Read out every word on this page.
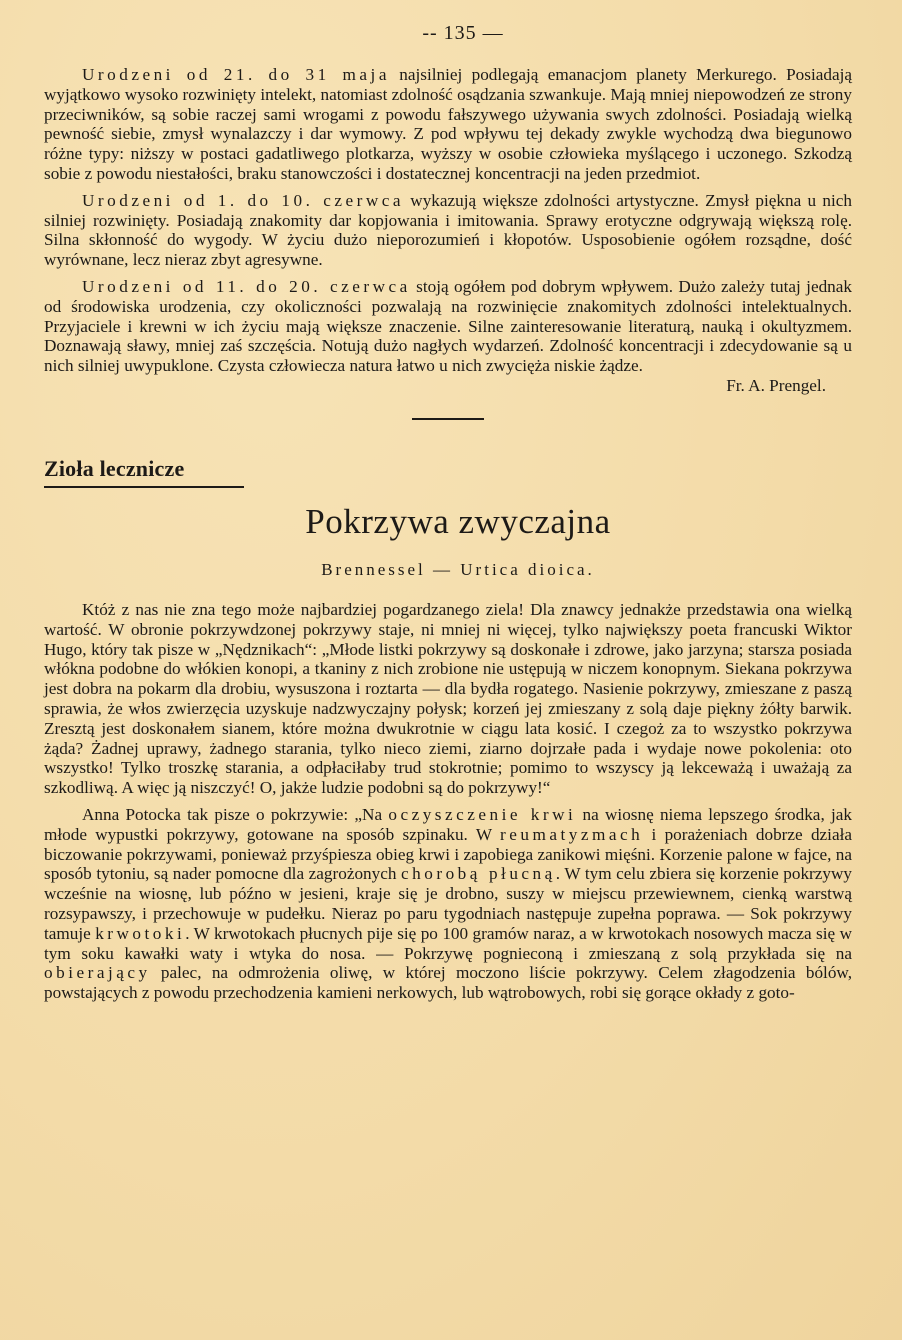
-- 135 —

Urodzeni od 21. do 31 maja najsilniej podlegają emanacjom planety Merkurego. Posiadają wyjątkowo wysoko rozwinięty intelekt, natomiast zdolność osądzania szwankuje. Mają mniej niepowodzeń ze strony przeciwników, są sobie raczej sami wrogami z powodu fałszywego używania swych zdolności. Posiadają wielką pewność siebie, zmysł wynalazczy i dar wymowy. Z pod wpływu tej dekady zwykle wychodzą dwa biegunowo różne typy: niższy w postaci gadatliwego plotkarza, wyższy w osobie człowieka myślącego i uczonego. Szkodzą sobie z powodu niestałości, braku stanowczości i dostatecznej koncentracji na jeden przedmiot.

Urodzeni od 1. do 10. czerwca wykazują większe zdolności artystyczne. Zmysł piękna u nich silniej rozwinięty. Posiadają znakomity dar kopjowania i imitowania. Sprawy erotyczne odgrywają większą rolę. Silna skłonność do wygody. W życiu dużo nieporozumień i kłopotów. Usposobienie ogółem rozsądne, dość wyrównane, lecz nieraz zbyt agresywne.

Urodzeni od 11. do 20. czerwca stoją ogółem pod dobrym wpływem. Dużo zależy tutaj jednak od środowiska urodzenia, czy okoliczności pozwalają na rozwinięcie znakomitych zdolności intelektualnych. Przyjaciele i krewni w ich życiu mają większe znaczenie. Silne zainteresowanie literaturą, nauką i okultyzmem. Doznawają sławy, mniej zaś szczęścia. Notują dużo nagłych wydarzeń. Zdolność koncentracji i zdecydowanie są u nich silniej uwypuklone. Czysta człowiecza natura łatwo u nich zwycięża niskie żądze.

Fr. A. Prengel.
Zioła lecznicze
Pokrzywa zwyczajna
Brennessel — Urtica dioica.

Któż z nas nie zna tego może najbardziej pogardzanego ziela! Dla znawcy jednakże przedstawia ona wielką wartość. W obronie pokrzywdzonej pokrzywy staje, ni mniej ni więcej, tylko największy poeta francuski Wiktor Hugo, który tak pisze w „Nędznikach“: „Młode listki pokrzywy są doskonałe i zdrowe, jako jarzyna; starsza posiada włókna podobne do włókien konopi, a tkaniny z nich zrobione nie ustępują w niczem konopnym. Siekana pokrzywa jest dobra na pokarm dla drobiu, wysuszona i roztarta — dla bydła rogatego. Nasienie pokrzywy, zmieszane z paszą sprawia, że włos zwierzęcia uzyskuje nadzwyczajny połysk; korzeń jej zmieszany z solą daje piękny żółty barwik. Zresztą jest doskonałem sianem, które można dwukrotnie w ciągu lata kosić. I czegoż za to wszystko pokrzywa żąda? Żadnej uprawy, żadnego starania, tylko nieco ziemi, ziarno dojrzałe pada i wydaje nowe pokolenia: oto wszystko! Tylko troszkę starania, a odpłaciłaby trud stokrotnie; pomimo to wszyscy ją lekceważą i uważają za szkodliwą. A więc ją niszczyć! O, jakże ludzie podobni są do pokrzywy!“

Anna Potocka tak pisze o pokrzywie: „Na oczyszczenie krwi na wiosnę niema lepszego środka, jak młode wypustki pokrzywy, gotowane na sposób szpinaku. W reumatyzmach i porażeniach dobrze działa biczowanie pokrzywami, ponieważ przyśpiesza obieg krwi i zapobiega zanikowi mięśni. Korzenie palone w fajce, na sposób tytoniu, są nader pomocne dla zagrożonych chorobą płucną. W tym celu zbiera się korzenie pokrzywy wcześnie na wiosnę, lub późno w jesieni, kraje się je drobno, suszy w miejscu przewiewnem, cienką warstwą rozsypawszy, i przechowuje w pudełku. Nieraz po paru tygodniach następuje zupełna poprawa. — Sok pokrzywy tamuje krwotoki. W krwotokach płucnych pije się po 100 gramów naraz, a w krwotokach nosowych macza się w tym soku kawałki waty i wtyka do nosa. — Pokrzywę pognieconą i zmieszaną z solą przykłada się na obierający palec, na odmrożenia oliwę, w której moczono liście pokrzywy. Celem złagodzenia bólów, powstających z powodu przechodzenia kamieni nerkowych, lub wątrobowych, robi się gorące okłady z goto-
